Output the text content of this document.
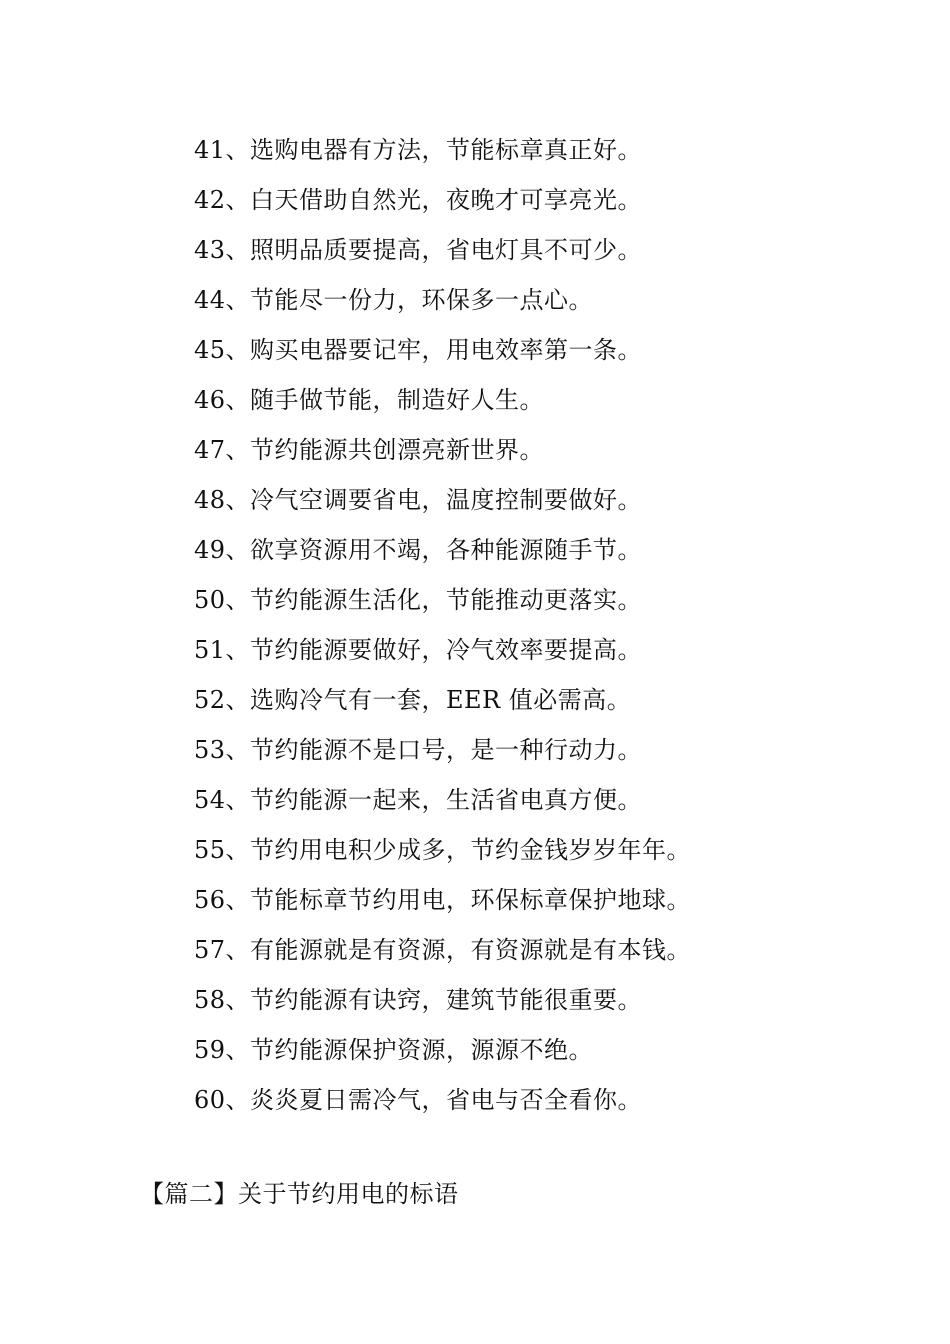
41、选购电器有方法，节能标章真正好。
42、白天借助自然光，夜晚才可享亮光。
43、照明品质要提高，省电灯具不可少。
44、节能尽一份力，环保多一点心。
45、购买电器要记牢，用电效率第一条。
46、随手做节能，制造好人生。
47、节约能源共创漂亮新世界。
48、冷气空调要省电，温度控制要做好。
49、欲享资源用不竭，各种能源随手节。
50、节约能源生活化，节能推动更落实。
51、节约能源要做好，冷气效率要提高。
52、选购冷气有一套，EER 值必需高。
53、节约能源不是口号，是一种行动力。
54、节约能源一起来，生活省电真方便。
55、节约用电积少成多，节约金钱岁岁年年。
56、节能标章节约用电，环保标章保护地球。
57、有能源就是有资源，有资源就是有本钱。
58、节约能源有诀窍，建筑节能很重要。
59、节约能源保护资源，源源不绝。
60、炎炎夏日需冷气，省电与否全看你。
【篇二】关于节约用电的标语
